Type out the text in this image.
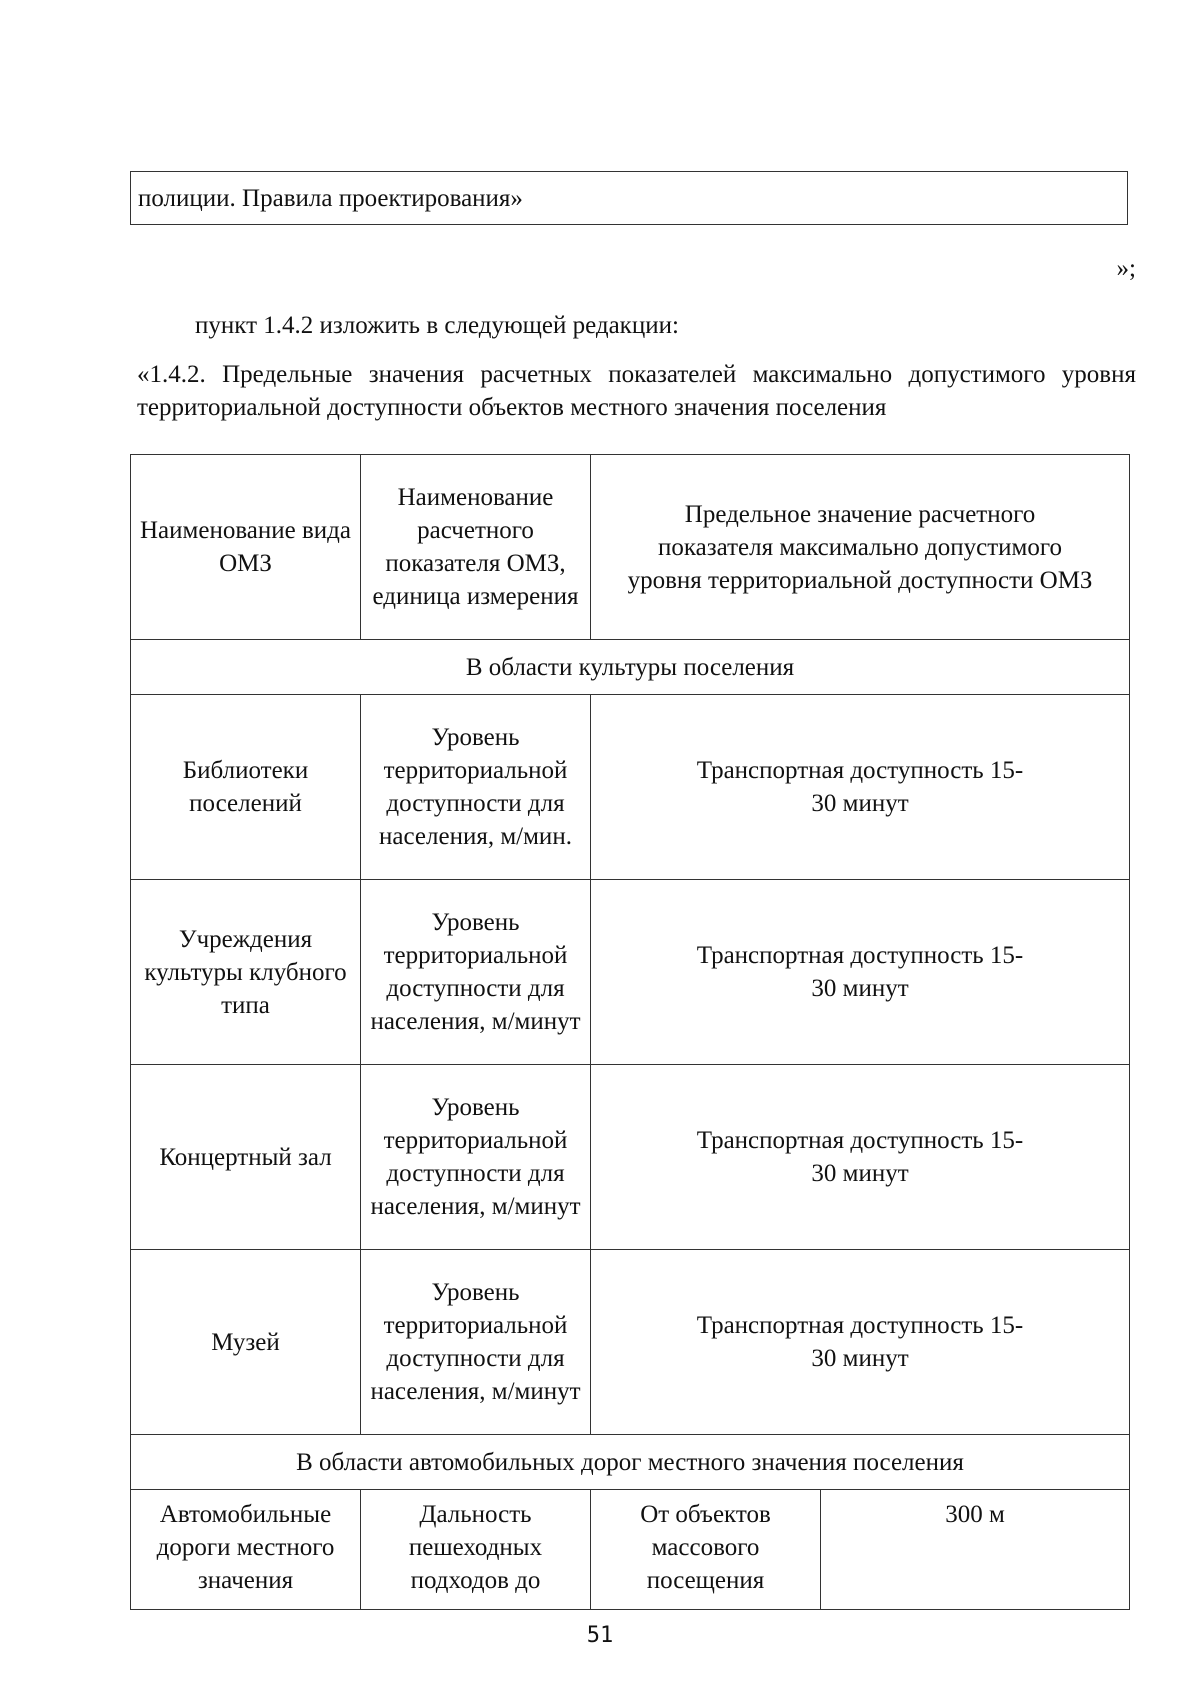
полиции. Правила проектирования»
»;
пункт 1.4.2 изложить в следующей редакции:

«1.4.2. Предельные значения расчетных показателей максимально допустимого уровня территориальной доступности объектов местного значения поселения

Наименование вида ОМЗ	Наименование расчетного показателя ОМЗ, единица измерения	Предельное значение расчетного показателя максимально допустимого уровня территориальной доступности ОМЗ	
В области культуры поселения			
Библиотеки поселений	Уровень территориальной доступности для населения, м/мин.	Транспортная доступность 15-30 минут	
Учреждения культуры клубного типа	Уровень территориальной доступности для населения, м/минут	Транспортная доступность 15-30 минут	
Концертный зал	Уровень территориальной доступности для населения, м/минут	Транспортная доступность 15-30 минут	
Музей	Уровень территориальной доступности для населения, м/минут	Транспортная доступность 15-30 минут	
В области автомобильных дорог местного значения поселения			
Автомобильные дороги местного значения	Дальность пешеходных подходов до	От объектов массового посещения	300 м
51
